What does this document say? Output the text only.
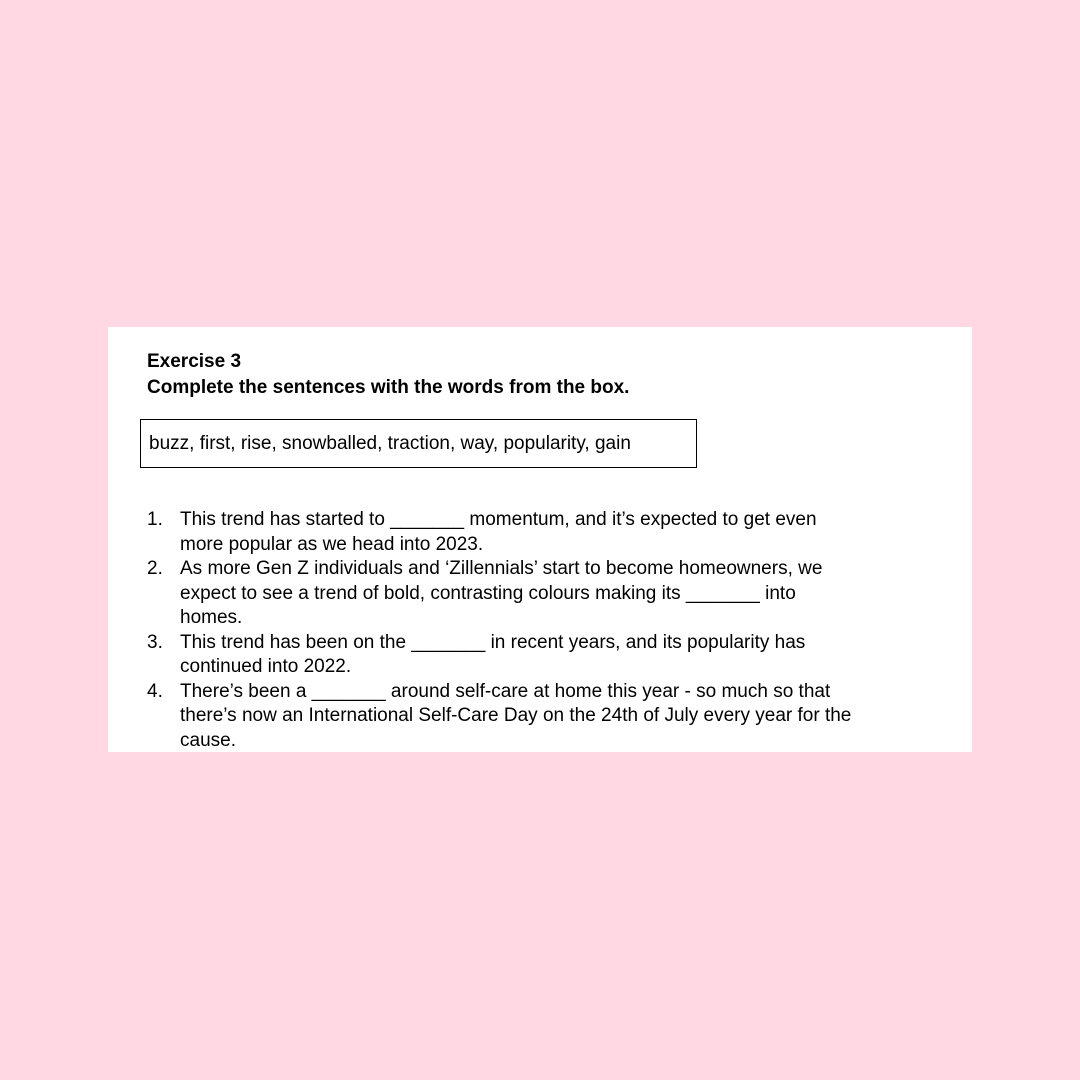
Exercise 3
Complete the sentences with the words from the box.
buzz, first, rise, snowballed, traction, way, popularity, gain
1. This trend has started to _______ momentum, and it’s expected to get even
more popular as we head into 2023.
2. As more Gen Z individuals and ‘Zillennials’ start to become homeowners, we
expect to see a trend of bold, contrasting colours making its _______ into
homes.
3. This trend has been on the _______ in recent years, and its popularity has
continued into 2022.
4. There’s been a _______ around self-care at home this year - so much so that
there’s now an International Self-Care Day on the 24th of July every year for the
cause.
